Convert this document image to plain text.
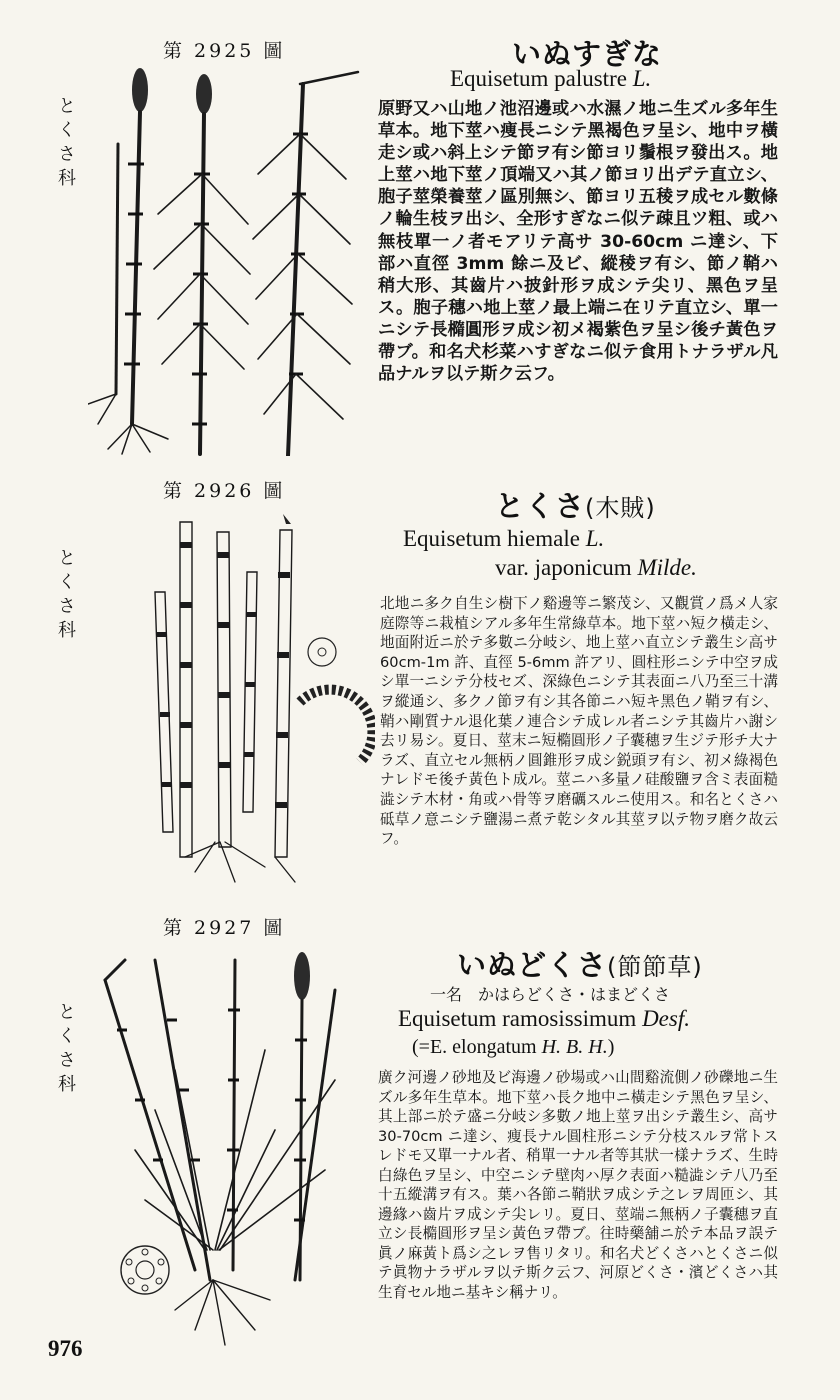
第 2925 圖
とくさ科
いぬすぎな
Equisetum palustre L.
原野又ハ山地ノ池沼邊或ハ水濕ノ地ニ生ズル多年生草本。地下莖ハ痩長ニシテ黑褐色ヲ呈シ、地中ヲ橫走シ或ハ斜上シテ節ヲ有シ節ヨリ鬚根ヲ發出ス。地上莖ハ地下莖ノ頂端又ハ其ノ節ヨリ出デテ直立シ、胞子莖榮養莖ノ區別無シ、節ヨリ五稜ヲ成セル數條ノ輪生枝ヲ出シ、全形すぎなニ似テ疎且ツ粗、或ハ無枝單一ノ者モアリテ高サ 30-60cm ニ達シ、下部ハ直徑 3mm 餘ニ及ビ、縱稜ヲ有シ、節ノ鞘ハ稍大形、其齒片ハ披針形ヲ成シテ尖リ、黑色ヲ呈ス。胞子穗ハ地上莖ノ最上端ニ在リテ直立シ、單一ニシテ長橢圓形ヲ成シ初メ褐紫色ヲ呈シ後チ黃色ヲ帶ブ。和名犬杉菜ハすぎなニ似テ食用トナラザル凡品ナルヲ以テ斯ク云フ。
第 2926 圖
とくさ科
とくさ(木賊)
Equisetum hiemale L.
var. japonicum Milde.
北地ニ多ク自生シ樹下ノ谿邊等ニ繁茂シ、又觀賞ノ爲メ人家庭際等ニ栽植シアル多年生常綠草本。地下莖ハ短ク橫走シ、地面附近ニ於テ多數ニ分岐シ、地上莖ハ直立シテ叢生シ高サ 60cm-1m 許、直徑 5-6mm 許アリ、圓柱形ニシテ中空ヲ成シ單一ニシテ分枝セズ、深綠色ニシテ其表面ニ八乃至三十溝ヲ縱通シ、多クノ節ヲ有シ其各節ニハ短キ黑色ノ鞘ヲ有シ、鞘ハ剛質ナル退化葉ノ連合シテ成レル者ニシテ其齒片ハ謝シ去リ易シ。夏日、莖末ニ短橢圓形ノ子囊穗ヲ生ジテ形チ大ナラズ、直立セル無柄ノ圓錐形ヲ成シ鋭頭ヲ有シ、初メ綠褐色ナレドモ後チ黃色ト成ル。莖ニハ多量ノ硅酸鹽ヲ含ミ表面糙澁シテ木材・角或ハ骨等ヲ磨礪スルニ使用ス。和名とくさハ砥草ノ意ニシテ鹽湯ニ煮テ乾シタル其莖ヲ以テ物ヲ磨ク故云フ。
第 2927 圖
とくさ科
いぬどくさ(節節草)
一名　かはらどくさ・はまどくさ
Equisetum ramosissimum Desf.
(=E. elongatum H. B. H.)
廣ク河邊ノ砂地及ビ海邊ノ砂場或ハ山間谿流側ノ砂礫地ニ生ズル多年生草本。地下莖ハ長ク地中ニ橫走シテ黑色ヲ呈シ、其上部ニ於テ盛ニ分岐シ多數ノ地上莖ヲ出シテ叢生シ、高サ 30-70cm ニ達シ、痩長ナル圓柱形ニシテ分枝スルヲ常トスレドモ又單一ナル者、稍單一ナル者等其狀一樣ナラズ、生時白綠色ヲ呈シ、中空ニシテ壁肉ハ厚ク表面ハ糙澁シテ八乃至十五縱溝ヲ有ス。葉ハ各節ニ鞘狀ヲ成シテ之レヲ周匝シ、其邊緣ハ齒片ヲ成シテ尖レリ。夏日、莖端ニ無柄ノ子囊穗ヲ直立シ長橢圓形ヲ呈シ黃色ヲ帶ブ。往時藥舖ニ於テ本品ヲ誤テ眞ノ麻黃ト爲シ之レヲ售リタリ。和名犬どくさハとくさニ似テ眞物ナラザルヲ以テ斯ク云フ、河原どくさ・濱どくさハ其生育セル地ニ基キシ稱ナリ。
976
